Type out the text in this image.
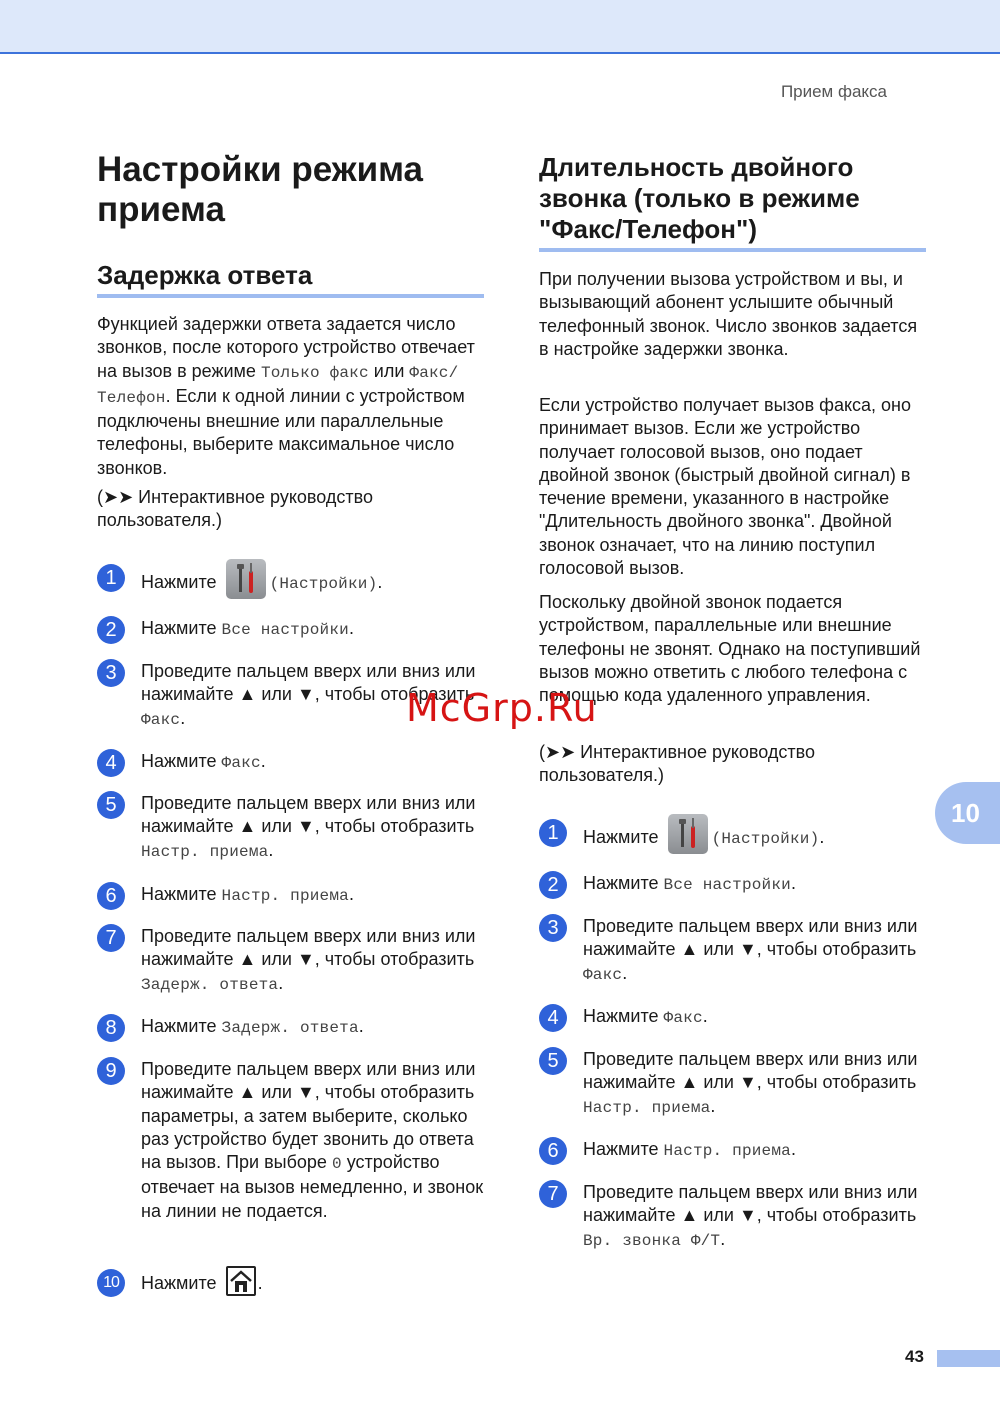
Прием факса
Настройки режима
приема
Задержка ответа

Функцией задержки ответа задается число звонков, после которого устройство отвечает на вызов в режиме Только факс или Факс/Телефон. Если к одной линии с устройством подключены внешние или параллельные телефоны, выберите максимальное число звонков.

(➤➤ Интерактивное руководство пользователя.)

1	Нажмите	(Настройки).
2	Нажмите Все настройки.
3	Проведите пальцем вверх или вниз или нажимайте ▲ или ▼, чтобы отобразить Факс.
4	Нажмите Факс.
5	Проведите пальцем вверх или вниз или нажимайте ▲ или ▼, чтобы отобразить Настр. приема.
6	Нажмите Настр. приема.
7	Проведите пальцем вверх или вниз или нажимайте ▲ или ▼, чтобы отобразить Задерж. ответа.
8	Нажмите Задерж. ответа.
9	Проведите пальцем вверх или вниз или нажимайте ▲ или ▼, чтобы отобразить параметры, а затем выберите, сколько раз устройство будет звонить до ответа на вызов. При выборе 0 устройство отвечает на вызов немедленно, и звонок на линии не подается.
10	Нажмите .
Длительность двойного
звонка (только в режиме
"Факс/Телефон")

При получении вызова устройством и вы, и вызывающий абонент услышите обычный телефонный звонок. Число звонков задается в настройке задержки звонка.

Если устройство получает вызов факса, оно принимает вызов. Если же устройство получает голосовой вызов, оно подает двойной звонок (быстрый двойной сигнал) в течение времени, указанного в настройке "Длительность двойного звонка". Двойной звонок означает, что на линию поступил голосовой вызов.

Поскольку двойной звонок подается устройством, параллельные или внешние телефоны не звонят. Однако на поступивший вызов можно ответить с любого телефона с помощью кода удаленного управления.

(➤➤ Интерактивное руководство пользователя.)

1	Нажмите	(Настройки).
2	Нажмите Все настройки.
3	Проведите пальцем вверх или вниз или нажимайте ▲ или ▼, чтобы отобразить Факс.
4	Нажмите Факс.
5	Проведите пальцем вверх или вниз или нажимайте ▲ или ▼, чтобы отобразить Настр. приема.
6	Нажмите Настр. приема.
7	Проведите пальцем вверх или вниз или нажимайте ▲ или ▼, чтобы отобразить Вр. звонка Ф/Т.
10
McGrp.Ru
43
